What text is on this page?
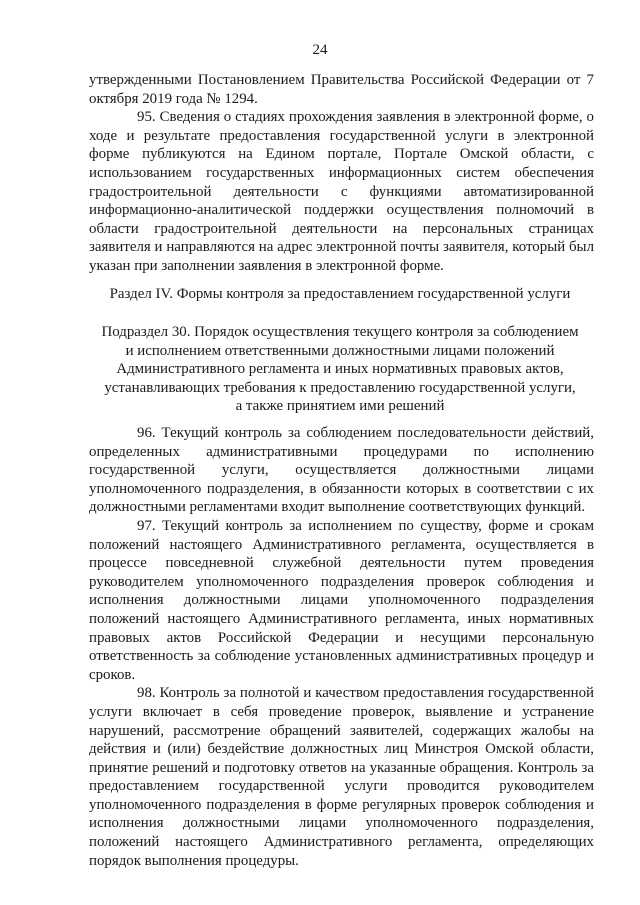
24

утвержденными Постановлением Правительства Российской Федерации от 7 октября 2019 года № 1294.

95. Сведения о стадиях прохождения заявления в электронной форме, о ходе и результате предоставления государственной услуги в электронной форме публикуются на Едином портале, Портале Омской области, с использованием государственных информационных систем обеспечения градостроительной деятельности с функциями автоматизированной информационно-аналитической поддержки осуществления полномочий в области градостроительной деятельности на персональных страницах заявителя и направляются на адрес электронной почты заявителя, который был указан при заполнении заявления в электронной форме.

Раздел IV. Формы контроля за предоставлением государственной услуги
Подраздел 30. Порядок осуществления текущего контроля за соблюдением
и исполнением ответственными должностными лицами положений
Административного регламента и иных нормативных правовых актов,
устанавливающих требования к предоставлению государственной услуги,
а также принятием ими решений

96. Текущий контроль за соблюдением последовательности действий, определенных административными процедурами по исполнению государственной услуги, осуществляется должностными лицами уполномоченного подразделения, в обязанности которых в соответствии с их должностными регламентами входит выполнение соответствующих функций.

97. Текущий контроль за исполнением по существу, форме и срокам положений настоящего Административного регламента, осуществляется в процессе повседневной служебной деятельности путем проведения руководителем уполномоченного подразделения проверок соблюдения и исполнения должностными лицами уполномоченного подразделения положений настоящего Административного регламента, иных нормативных правовых актов Российской Федерации и несущими персональную ответственность за соблюдение установленных административных процедур и сроков.

98. Контроль за полнотой и качеством предоставления государственной услуги включает в себя проведение проверок, выявление и устранение нарушений, рассмотрение обращений заявителей, содержащих жалобы на действия и (или) бездействие должностных лиц Минстроя Омской области, принятие решений и подготовку ответов на указанные обращения. Контроль за предоставлением государственной услуги проводится руководителем уполномоченного подразделения в форме регулярных проверок соблюдения и исполнения должностными лицами уполномоченного подразделения, положений настоящего Административного регламента, определяющих порядок выполнения процедуры.
